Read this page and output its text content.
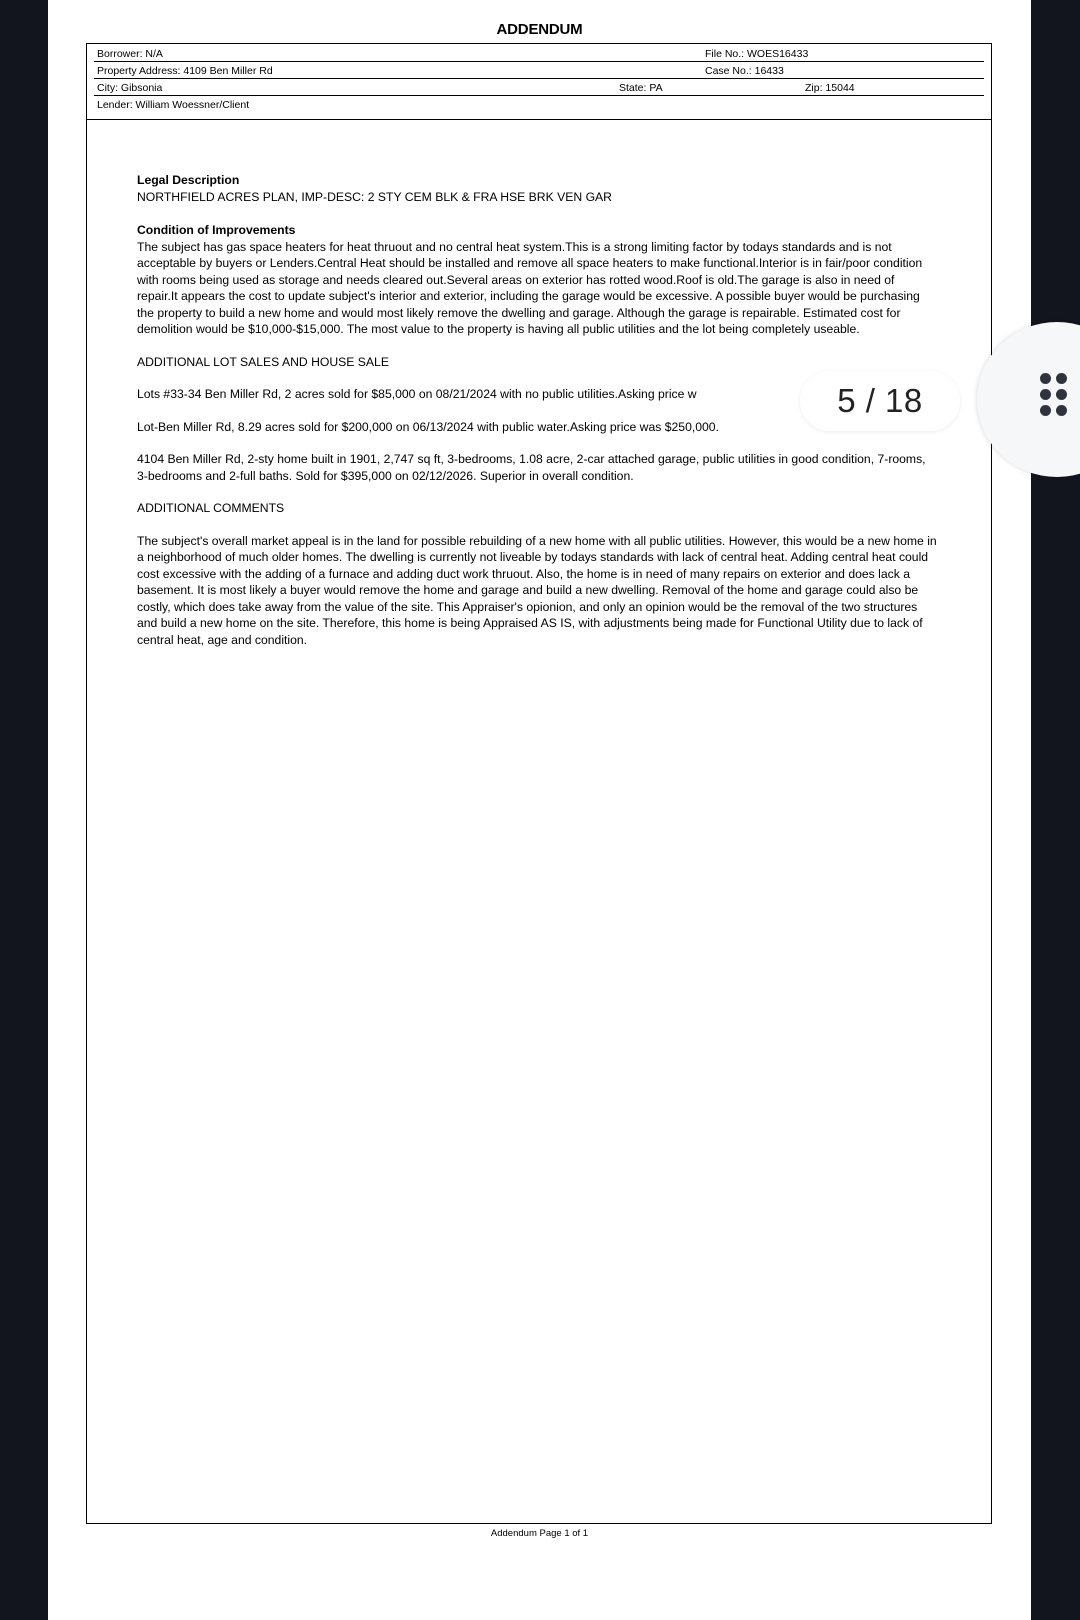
ADDENDUM
Borrower: N/A	File No.: WOES16433
Property Address: 4109 Ben Miller Rd	Case No.: 16433
City: Gibsonia	State: PA	Zip: 15044
Lender: William Woessner/Client
Legal Description

NORTHFIELD ACRES PLAN, IMP-DESC: 2 STY CEM BLK & FRA HSE BRK VEN GAR

Condition of Improvements

The subject has gas space heaters for heat thruout and no central heat system.This is a strong limiting factor by todays standards and is not acceptable by buyers or Lenders.Central Heat should be installed and remove all space heaters to make functional.Interior is in fair/poor condition with rooms being used as storage and needs cleared out.Several areas on exterior has rotted wood.Roof is old.The garage is also in need of repair.It appears the cost to update subject's interior and exterior, including the garage would be excessive. A possible buyer would be purchasing the property to build a new home and would most likely remove the dwelling and garage. Although the garage is repairable. Estimated cost for demolition would be $10,000-$15,000. The most value to the property is having all public utilities and the lot being completely useable.

ADDITIONAL LOT SALES AND HOUSE SALE

Lots #33-34 Ben Miller Rd, 2 acres sold for $85,000 on 08/21/2024 with no public utilities.Asking price w

Lot-Ben Miller Rd, 8.29 acres sold for $200,000 on 06/13/2024 with public water.Asking price was $250,000.

4104 Ben Miller Rd, 2-sty home built in 1901, 2,747 sq ft, 3-bedrooms, 1.08 acre, 2-car attached garage, public utilities in good condition, 7-rooms, 3-bedrooms and 2-full baths. Sold for $395,000 on 02/12/2026. Superior in overall condition.

ADDITIONAL COMMENTS

The subject's overall market appeal is in the land for possible rebuilding of a new home with all public utilities. However, this would be a new home in a neighborhood of much older homes. The dwelling is currently not liveable by todays standards with lack of central heat. Adding central heat could cost excessive with the adding of a furnace and adding duct work thruout. Also, the home is in need of many repairs on exterior and does lack a basement. It is most likely a buyer would remove the home and garage and build a new dwelling. Removal of the home and garage could also be costly, which does take away from the value of the site. This Appraiser's opionion, and only an opinion would be the removal of the two structures and build a new home on the site. Therefore, this home is being Appraised AS IS, with adjustments being made for Functional Utility due to lack of central heat, age and condition.

Addendum Page 1 of 1
5 / 18
